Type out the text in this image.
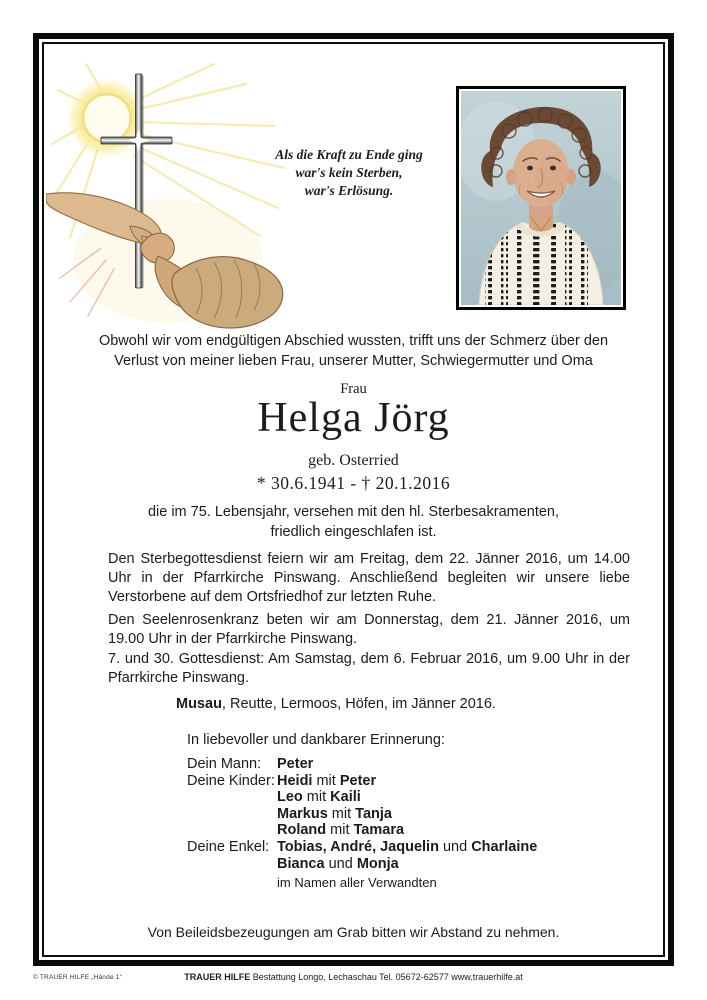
Als die Kraft zu Ende ging
war's kein Sterben,
war's Erlösung.
Obwohl wir vom endgültigen Abschied wussten, trifft uns der Schmerz über den
Verlust von meiner lieben Frau, unserer Mutter, Schwiegermutter und Oma
Frau
Helga Jörg
geb. Osterried
* 30.6.1941 - † 20.1.2016
die im 75. Lebensjahr, versehen mit den hl. Sterbesakramenten,
friedlich eingeschlafen ist.
Den Sterbegottesdienst feiern wir am Freitag, dem 22. Jänner 2016, um 14.00 Uhr in der Pfarrkirche Pinswang. Anschließend begleiten wir unsere liebe Verstorbene auf dem Ortsfriedhof zur letzten Ruhe.
Den Seelenrosenkranz beten wir am Donnerstag, dem 21. Jänner 2016, um 19.00 Uhr in der Pfarrkirche Pinswang.
7. und 30. Gottesdienst: Am Samstag, dem 6. Februar 2016, um 9.00 Uhr in der Pfarrkirche Pinswang.
Musau, Reutte, Lermoos, Höfen, im Jänner 2016.
In liebevoller und dankbarer Erinnerung:
Dein Mann: Peter
Deine Kinder: Heidi mit Peter
Leo mit Kaili
Markus mit Tanja
Roland mit Tamara
Deine Enkel: Tobias, André, Jaquelin und Charlaine
Bianca und Monja
im Namen aller Verwandten
Von Beileidsbezeugungen am Grab bitten wir Abstand zu nehmen.
© TRAUER HILFE „Hände 1“	TRAUER HILFE Bestattung Longo, Lechaschau Tel. 05672-62577 www.trauerhilfe.at
